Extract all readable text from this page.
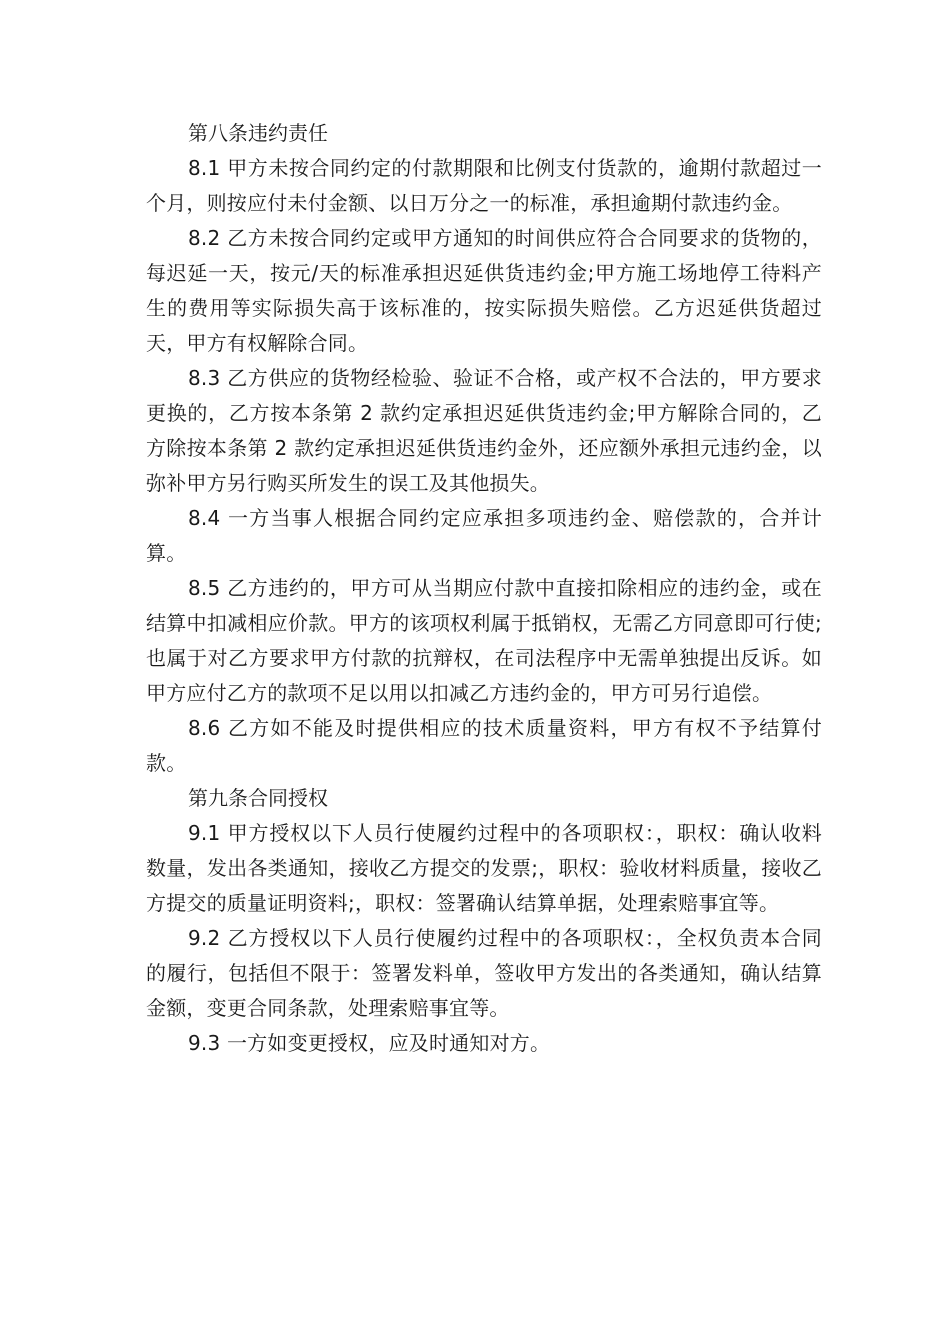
第八条违约责任

8.1 甲方未按合同约定的付款期限和比例支付货款的，逾期付款超过一个月，则按应付未付金额、以日万分之一的标准，承担逾期付款违约金。

8.2 乙方未按合同约定或甲方通知的时间供应符合合同要求的货物的，每迟延一天，按元/天的标准承担迟延供货违约金;甲方施工场地停工待料产生的费用等实际损失高于该标准的，按实际损失赔偿。乙方迟延供货超过天，甲方有权解除合同。

8.3 乙方供应的货物经检验、验证不合格，或产权不合法的，甲方要求更换的，乙方按本条第 2 款约定承担迟延供货违约金;甲方解除合同的，乙方除按本条第 2 款约定承担迟延供货违约金外，还应额外承担元违约金，以弥补甲方另行购买所发生的误工及其他损失。

8.4 一方当事人根据合同约定应承担多项违约金、赔偿款的，合并计算。

8.5 乙方违约的，甲方可从当期应付款中直接扣除相应的违约金，或在结算中扣减相应价款。甲方的该项权利属于抵销权，无需乙方同意即可行使;也属于对乙方要求甲方付款的抗辩权，在司法程序中无需单独提出反诉。如甲方应付乙方的款项不足以用以扣减乙方违约金的，甲方可另行追偿。

8.6 乙方如不能及时提供相应的技术质量资料，甲方有权不予结算付款。

第九条合同授权

9.1 甲方授权以下人员行使履约过程中的各项职权：，职权：确认收料数量，发出各类通知，接收乙方提交的发票;，职权：验收材料质量，接收乙方提交的质量证明资料;，职权：签署确认结算单据，处理索赔事宜等。

9.2 乙方授权以下人员行使履约过程中的各项职权：，全权负责本合同的履行，包括但不限于：签署发料单，签收甲方发出的各类通知，确认结算金额，变更合同条款，处理索赔事宜等。

9.3 一方如变更授权，应及时通知对方。
